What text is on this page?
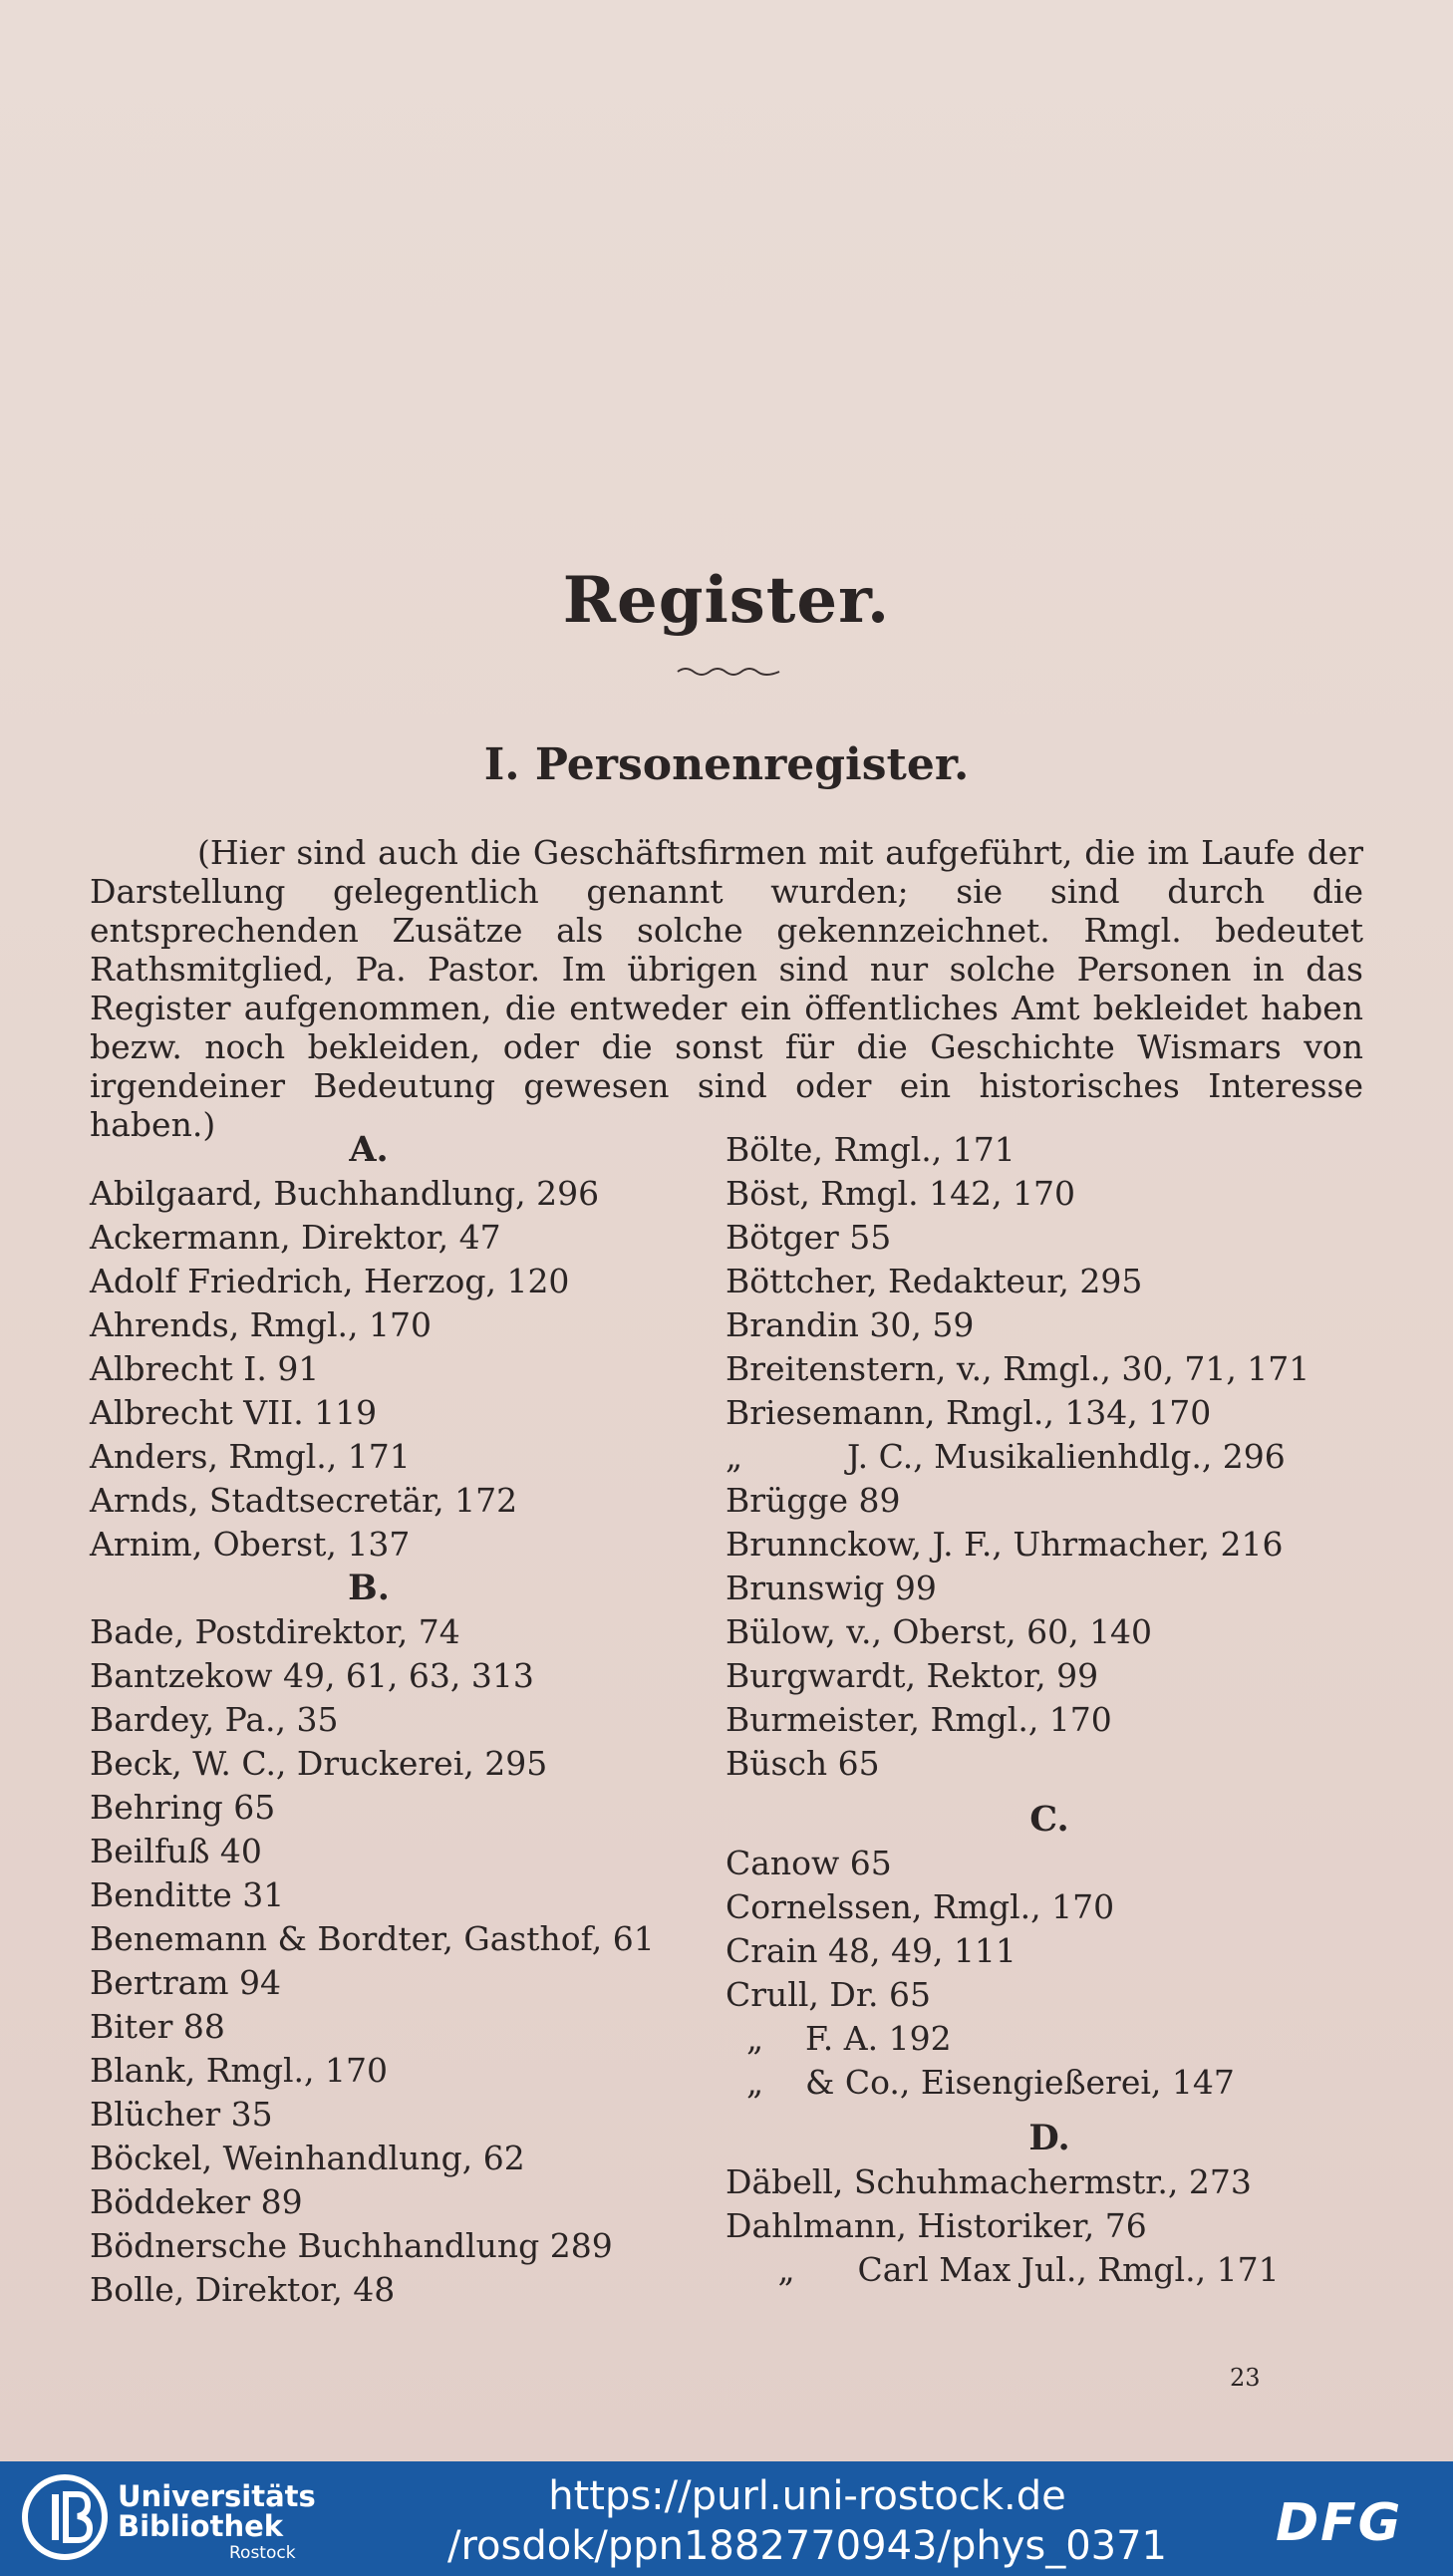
Register.
I. Personenregister.
(Hier sind auch die Geschäftsfirmen mit aufgeführt, die im Laufe der Darstellung gelegentlich genannt wurden; sie sind durch die entsprechenden Zusätze als solche gekennzeichnet. Rmgl. bedeutet Rathsmitglied, Pa. Pastor. Im übrigen sind nur solche Personen in das Register aufgenommen, die entweder ein öffentliches Amt bekleidet haben bezw. noch bekleiden, oder die sonst für die Geschichte Wismars von irgendeiner Bedeutung gewesen sind oder ein historisches Interesse haben.)
A.
Abilgaard, Buchhandlung, 296
Ackermann, Direktor, 47
Adolf Friedrich, Herzog, 120
Ahrends, Rmgl., 170
Albrecht I. 91
Albrecht VII. 119
Anders, Rmgl., 171
Arnds, Stadtsecretär, 172
Arnim, Oberst, 137
B.
Bade, Postdirektor, 74
Bantzekow 49, 61, 63, 313
Bardey, Pa., 35
Beck, W. C., Druckerei, 295
Behring 65
Beilfuß 40
Benditte 31
Benemann & Bordter, Gasthof, 61
Bertram 94
Biter 88
Blank, Rmgl., 170
Blücher 35
Böckel, Weinhandlung, 62
Böddeker 89
Bödnersche Buchhandlung 289
Bolle, Direktor, 48
Bölte, Rmgl., 171
Böst, Rmgl. 142, 170
Bötger 55
Böttcher, Redakteur, 295
Brandin 30, 59
Breitenstern, v., Rmgl., 30, 71, 171
Briesemann, Rmgl., 134, 170
„          J. C., Musikalienhdlg., 296
Brügge 89
Brunnckow, J. F., Uhrmacher, 216
Brunswig 99
Bülow, v., Oberst, 60, 140
Burgwardt, Rektor, 99
Burmeister, Rmgl., 170
Büsch 65
C.
Canow 65
Cornelssen, Rmgl., 170
Crain 48, 49, 111
Crull, Dr. 65
„    F. A. 192
„    & Co., Eisengießerei, 147
D.
Däbell, Schuhmachermstr., 273
Dahlmann, Historiker, 76
„      Carl Max Jul., Rmgl., 171
23
Universitäts
Bibliothek
Rostock
https://purl.uni-rostock.de
/rosdok/ppn1882770943/phys_0371	DFG
